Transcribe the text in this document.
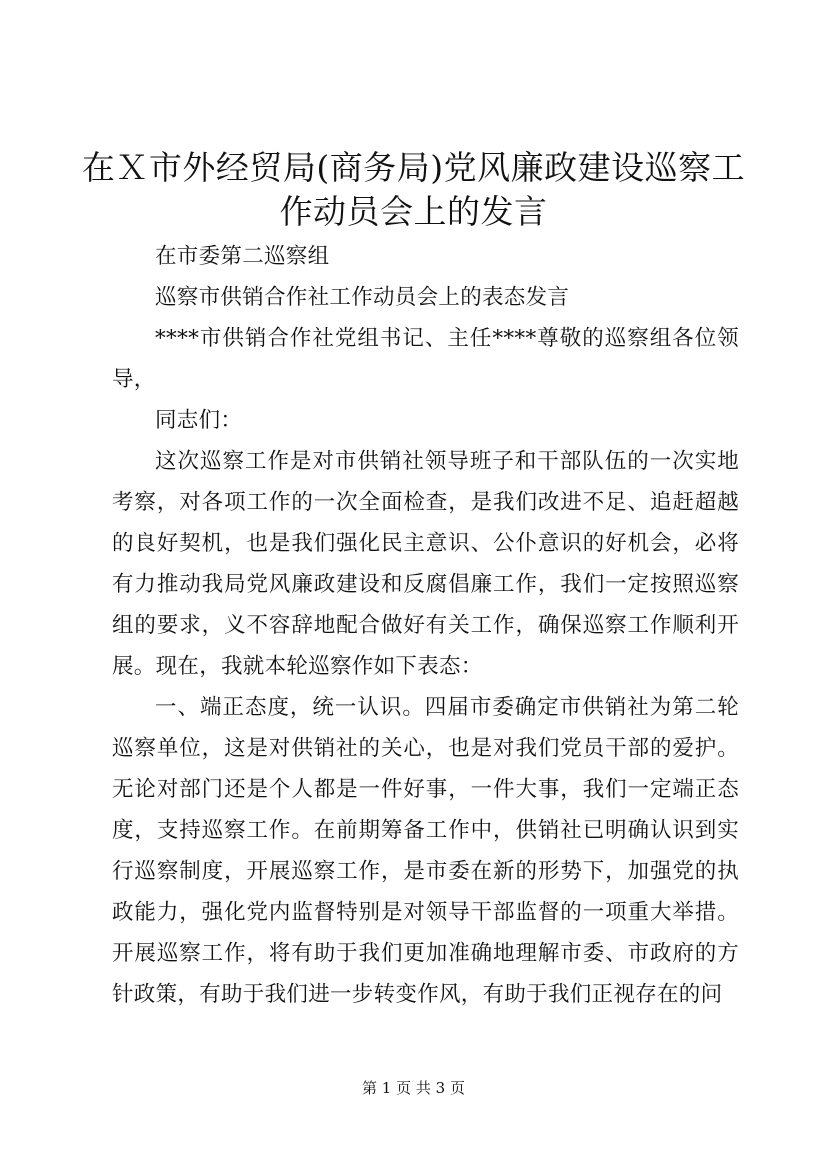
在Ｘ市外经贸局(商务局)党风廉政建设巡察工作动员会上的发言

在市委第二巡察组

巡察市供销合作社工作动员会上的表态发言

****市供销合作社党组书记、主任****尊敬的巡察组各位领导，

同志们：

这次巡察工作是对市供销社领导班子和干部队伍的一次实地考察，对各项工作的一次全面检查，是我们改进不足、追赶超越的良好契机，也是我们强化民主意识、公仆意识的好机会，必将有力推动我局党风廉政建设和反腐倡廉工作，我们一定按照巡察组的要求，义不容辞地配合做好有关工作，确保巡察工作顺利开展。现在，我就本轮巡察作如下表态：

一、端正态度，统一认识。四届市委确定市供销社为第二轮巡察单位，这是对供销社的关心，也是对我们党员干部的爱护。无论对部门还是个人都是一件好事，一件大事，我们一定端正态度，支持巡察工作。在前期筹备工作中，供销社已明确认识到实行巡察制度，开展巡察工作，是市委在新的形势下，加强党的执政能力，强化党内监督特别是对领导干部监督的一项重大举措。开展巡察工作，将有助于我们更加准确地理解市委、市政府的方针政策，有助于我们进一步转变作风，有助于我们正视存在的问

第 1 页 共 3 页
